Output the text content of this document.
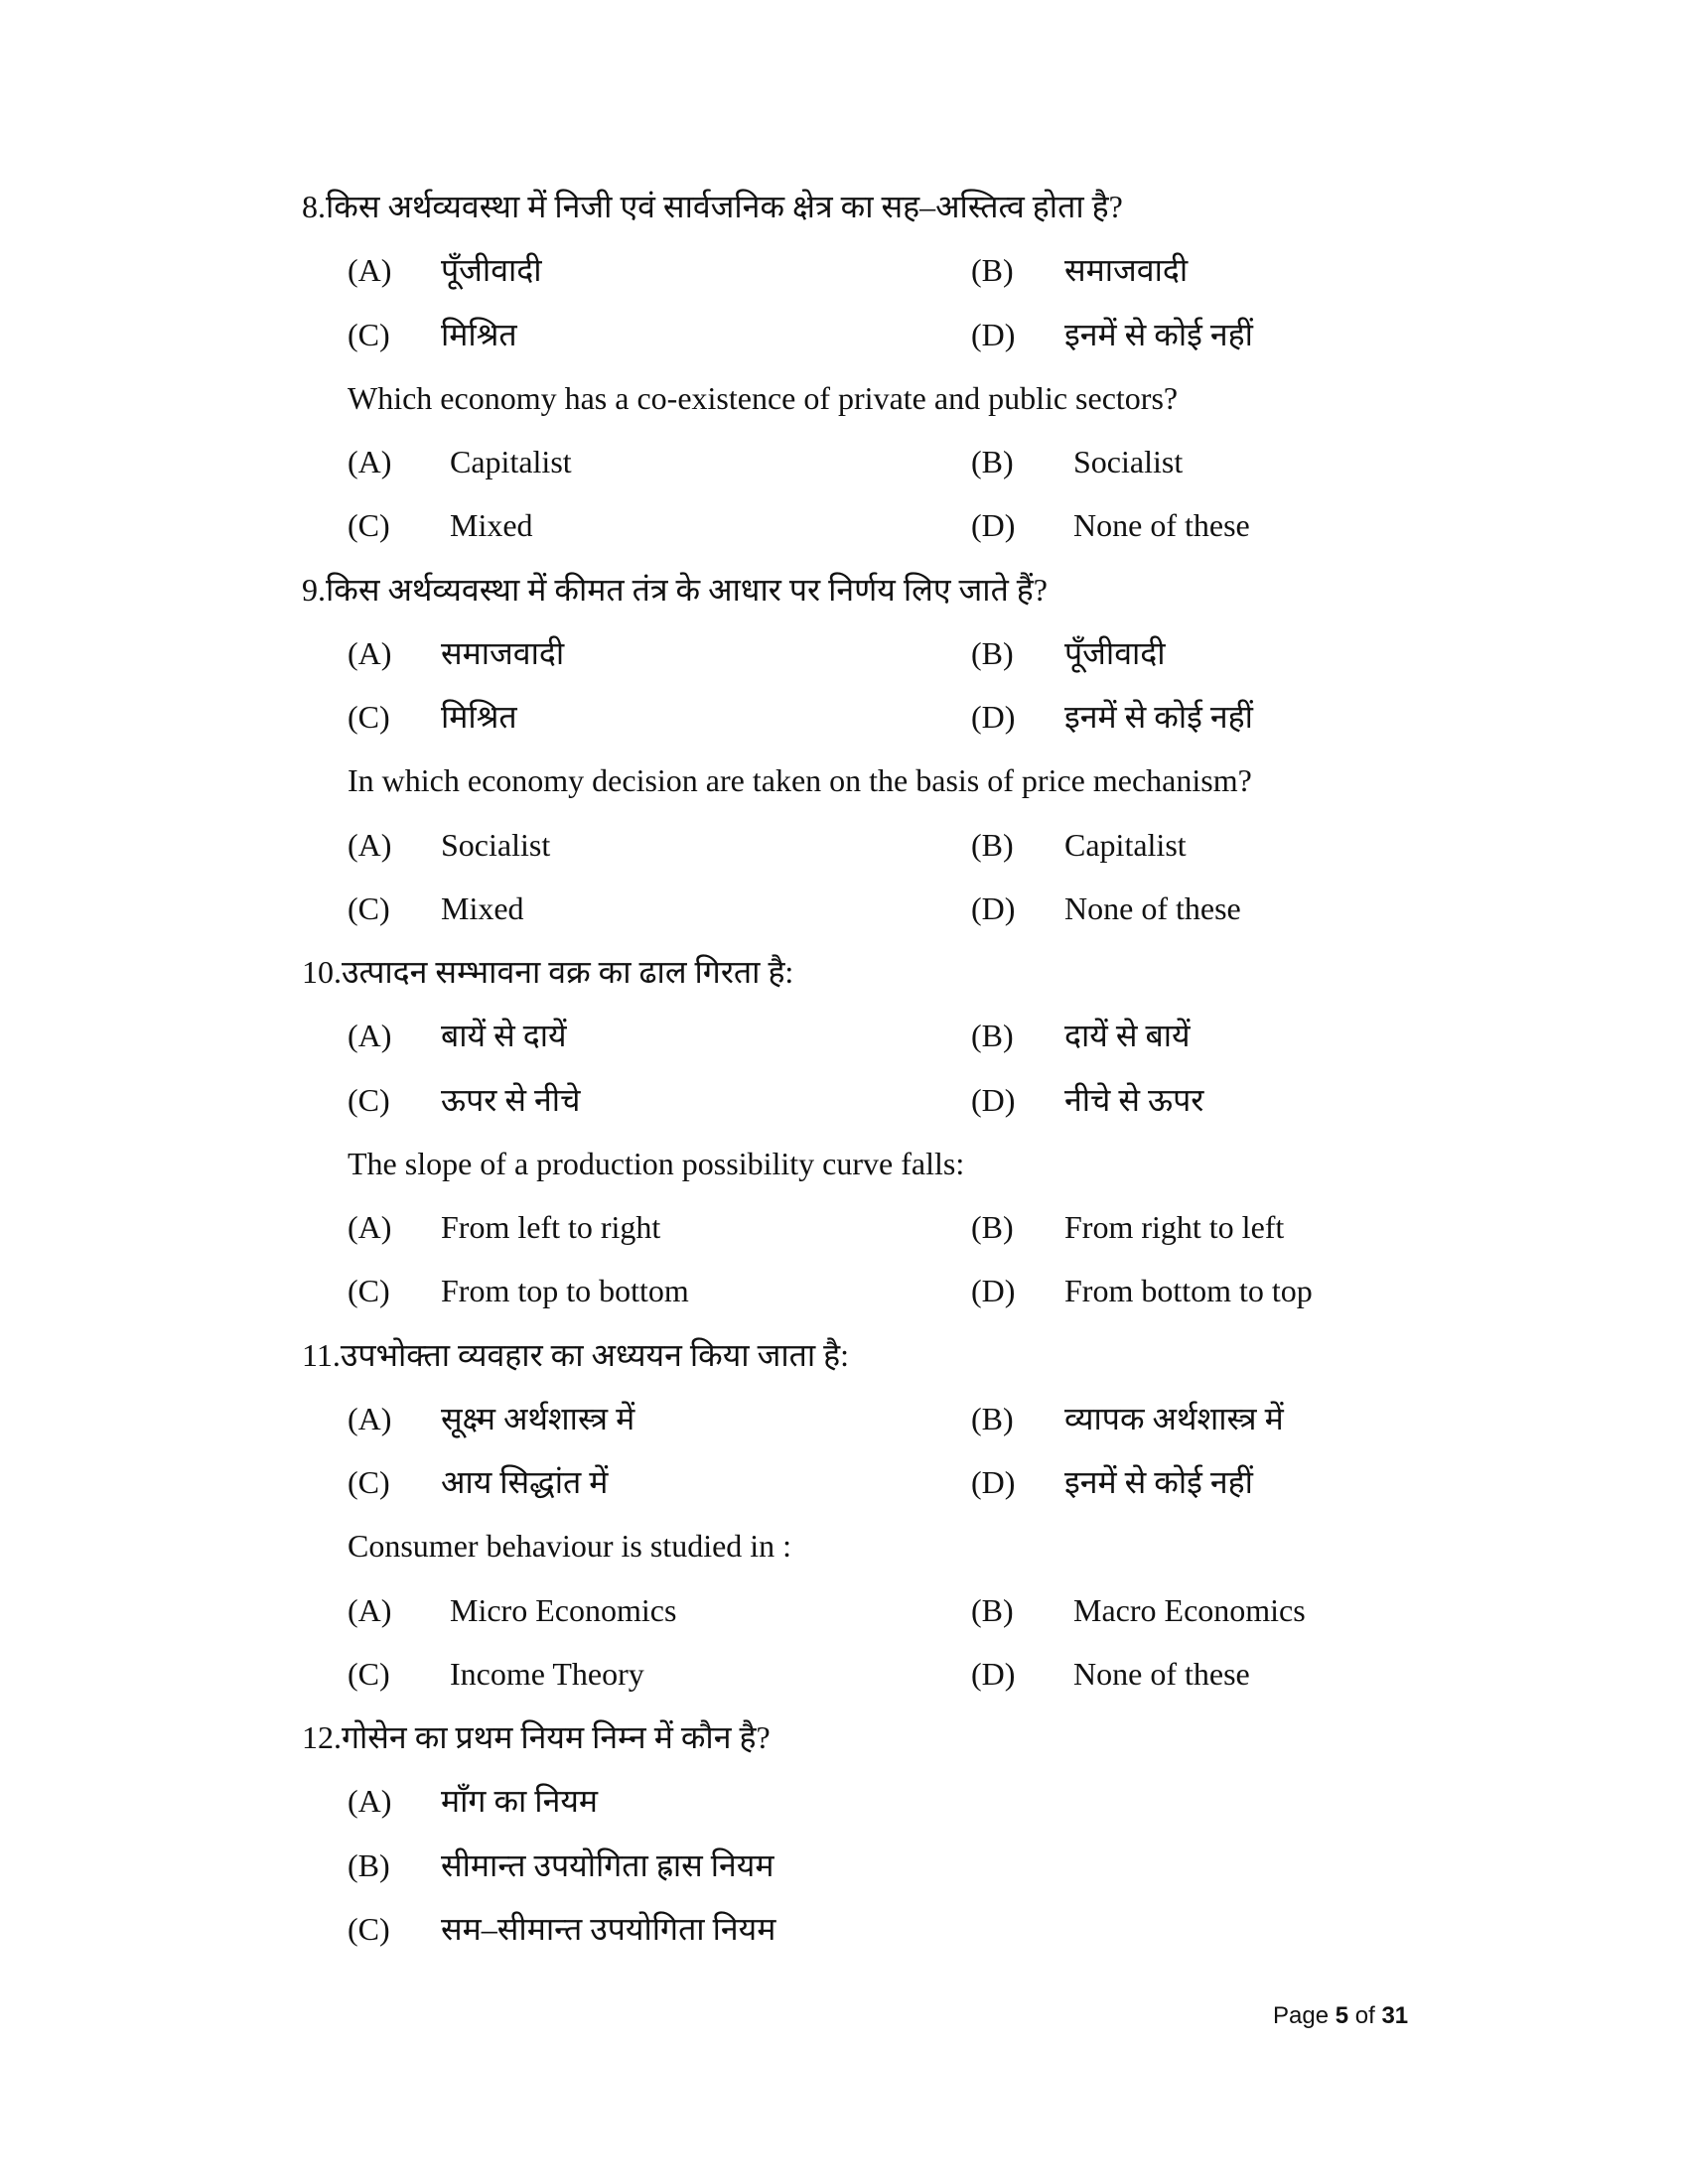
8.किस अर्थव्यवस्था में निजी एवं सार्वजनिक क्षेत्र का सह–अस्तित्व होता है?
(A) पूँजीवादी	(B) समाजवादी
(C) मिश्रित	(D) इनमें से कोई नहीं
Which economy has a co-existence of private and public sectors?
(A) Capitalist	(B) Socialist
(C) Mixed	(D) None of these
9.किस अर्थव्यवस्था में कीमत तंत्र के आधार पर निर्णय लिए जाते हैं?
(A) समाजवादी	(B) पूँजीवादी
(C) मिश्रित	(D) इनमें से कोई नहीं
In which economy decision are taken on the basis of price mechanism?
(A) Socialist	(B) Capitalist
(C) Mixed	(D) None of these
10.उत्पादन सम्भावना वक्र का ढाल गिरता है:
(A) बायें से दायें	(B) दायें से बायें
(C) ऊपर से नीचे	(D) नीचे से ऊपर
The slope of a production possibility curve falls:
(A) From left to right	(B) From right to left
(C) From top to bottom	(D) From bottom to top
11.उपभोक्ता व्यवहार का अध्ययन किया जाता है:
(A) सूक्ष्म अर्थशास्त्र में	(B) व्यापक अर्थशास्त्र में
(C) आय सिद्धांत में	(D) इनमें से कोई नहीं
Consumer behaviour is studied in :
(A) Micro Economics	(B) Macro Economics
(C) Income Theory	(D) None of these
12.गोसेन का प्रथम नियम निम्न में कौन है?
(A) माँग का नियम
(B) सीमान्त उपयोगिता ह्रास नियम
(C) सम–सीमान्त उपयोगिता नियम
Page 5 of 31
